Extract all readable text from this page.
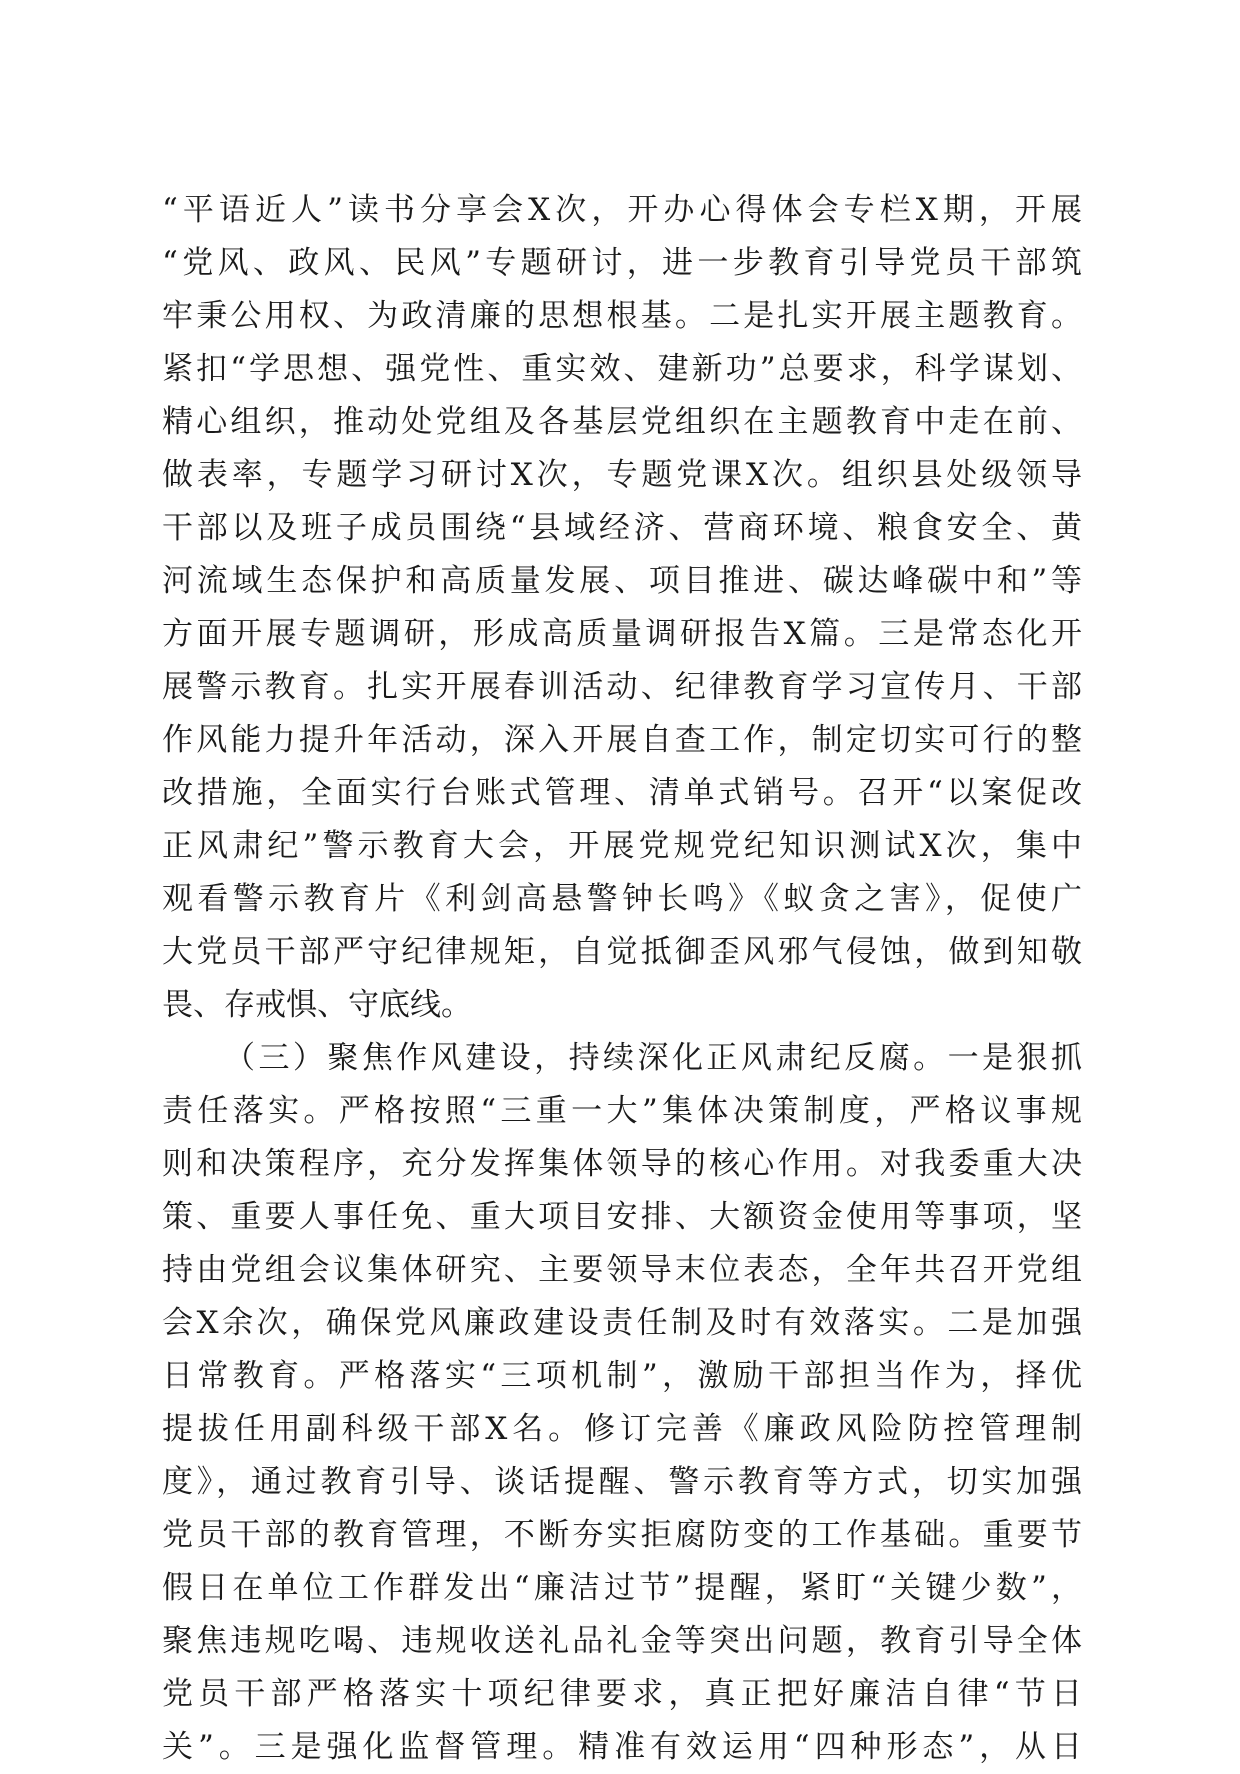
“平语近人”读书分享会X次，开办心得体会专栏X期，开展
“党风、政风、民风”专题研讨，进一步教育引导党员干部筑
牢秉公用权、为政清廉的思想根基。二是扎实开展主题教育。
紧扣“学思想、强党性、重实效、建新功”总要求，科学谋划、
精心组织，推动处党组及各基层党组织在主题教育中走在前、
做表率，专题学习研讨X次，专题党课X次。组织县处级领导
干部以及班子成员围绕“县域经济、营商环境、粮食安全、黄
河流域生态保护和高质量发展、项目推进、碳达峰碳中和”等
方面开展专题调研，形成高质量调研报告X篇。三是常态化开
展警示教育。扎实开展春训活动、纪律教育学习宣传月、干部
作风能力提升年活动，深入开展自查工作，制定切实可行的整
改措施，全面实行台账式管理、清单式销号。召开“以案促改
正风肃纪”警示教育大会，开展党规党纪知识测试X次，集中
观看警示教育片《利剑高悬警钟长鸣》《蚁贪之害》，促使广
大党员干部严守纪律规矩，自觉抵御歪风邪气侵蚀，做到知敬
畏、存戒惧、守底线。
（三）聚焦作风建设，持续深化正风肃纪反腐。一是狠抓
责任落实。严格按照“三重一大”集体决策制度，严格议事规
则和决策程序，充分发挥集体领导的核心作用。对我委重大决
策、重要人事任免、重大项目安排、大额资金使用等事项，坚
持由党组会议集体研究、主要领导末位表态，全年共召开党组
会X余次，确保党风廉政建设责任制及时有效落实。二是加强
日常教育。严格落实“三项机制”，激励干部担当作为，择优
提拔任用副科级干部X名。修订完善《廉政风险防控管理制
度》，通过教育引导、谈话提醒、警示教育等方式，切实加强
党员干部的教育管理，不断夯实拒腐防变的工作基础。重要节
假日在单位工作群发出“廉洁过节”提醒，紧盯“关键少数”，
聚焦违规吃喝、违规收送礼品礼金等突出问题，教育引导全体
党员干部严格落实十项纪律要求，真正把好廉洁自律“节日
关”。三是强化监督管理。精准有效运用“四种形态”，从日
